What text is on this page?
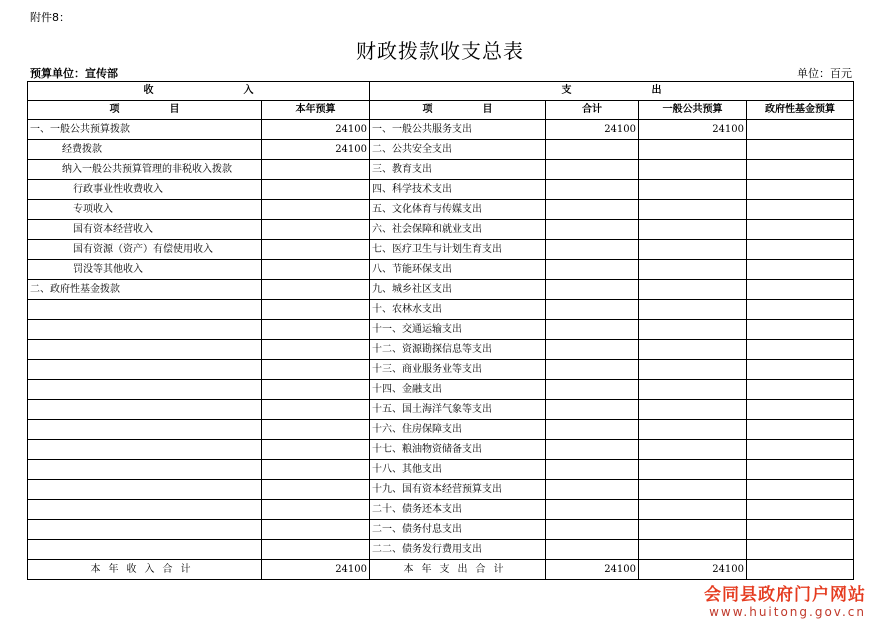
附件8：
财政拨款收支总表
预算单位：宣传部	单位：百元
收　　　　　　　　　入		支　　　　　　　　出			
项　　　　　目	本年预算	项　　　　　目	合计	一般公共预算	政府性基金预算
一、一般公共预算拨款	24100	一、一般公共服务支出	24100	24100	
经费拨款	24100	二、公共安全支出			
纳入一般公共预算管理的非税收入拨款		三、教育支出			
行政事业性收费收入		四、科学技术支出			
专项收入		五、文化体育与传媒支出			
国有资本经营收入		六、社会保障和就业支出			
国有资源（资产）有偿使用收入		七、医疗卫生与计划生育支出			
罚没等其他收入		八、节能环保支出			
二、政府性基金拨款		九、城乡社区支出			
		十、农林水支出			
		十一、交通运输支出			
		十二、资源勘探信息等支出			
		十三、商业服务业等支出			
		十四、金融支出			
		十五、国土海洋气象等支出			
		十六、住房保障支出			
		十七、粮油物资储备支出			
		十八、其他支出			
		十九、国有资本经营预算支出			
		二十、债务还本支出			
		二一、债务付息支出			
		二二、债务发行费用支出			
本年收入合计	24100	本年支出合计	24100	24100	
会同县政府门户网站
www.huitong.gov.cn
